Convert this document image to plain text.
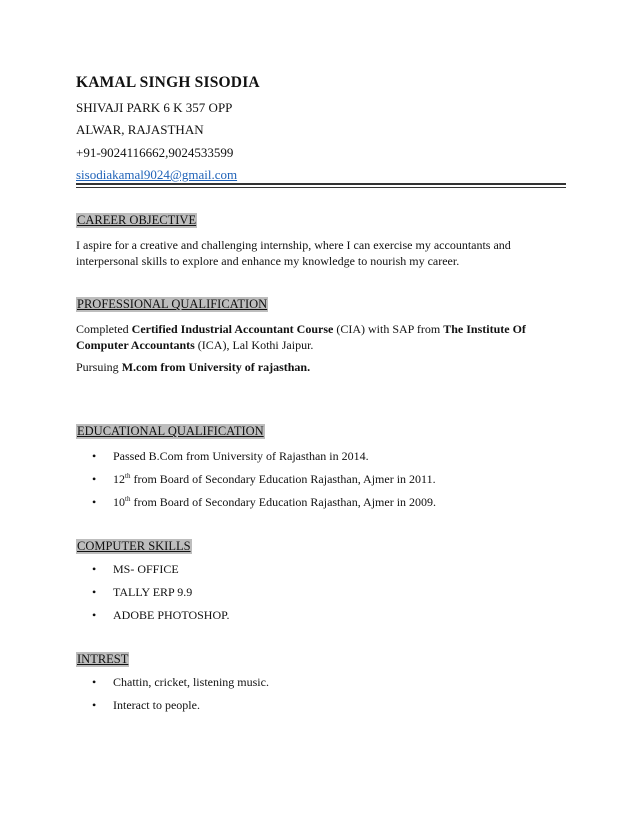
KAMAL SINGH SISODIA
SHIVAJI PARK 6 K 357 OPP
ALWAR, RAJASTHAN
+91-9024116662,9024533599
sisodiakamal9024@gmail.com
CAREER OBJECTIVE
I aspire for a creative and challenging internship, where I can exercise my accountants and interpersonal skills to explore and enhance my knowledge to nourish my career.
PROFESSIONAL QUALIFICATION
Completed Certified Industrial Accountant Course (CIA) with SAP from The Institute Of Computer Accountants (ICA), Lal Kothi Jaipur.
Pursuing M.com from University of rajasthan.
EDUCATIONAL QUALIFICATION
• Passed B.Com from University of Rajasthan in 2014.
• 12th from Board of Secondary Education Rajasthan, Ajmer in 2011.
• 10th from Board of Secondary Education Rajasthan, Ajmer in 2009.
COMPUTER SKILLS
• MS- OFFICE
• TALLY ERP 9.9
• ADOBE PHOTOSHOP.
INTREST
• Chattin, cricket, listening music.
• Interact to people.
